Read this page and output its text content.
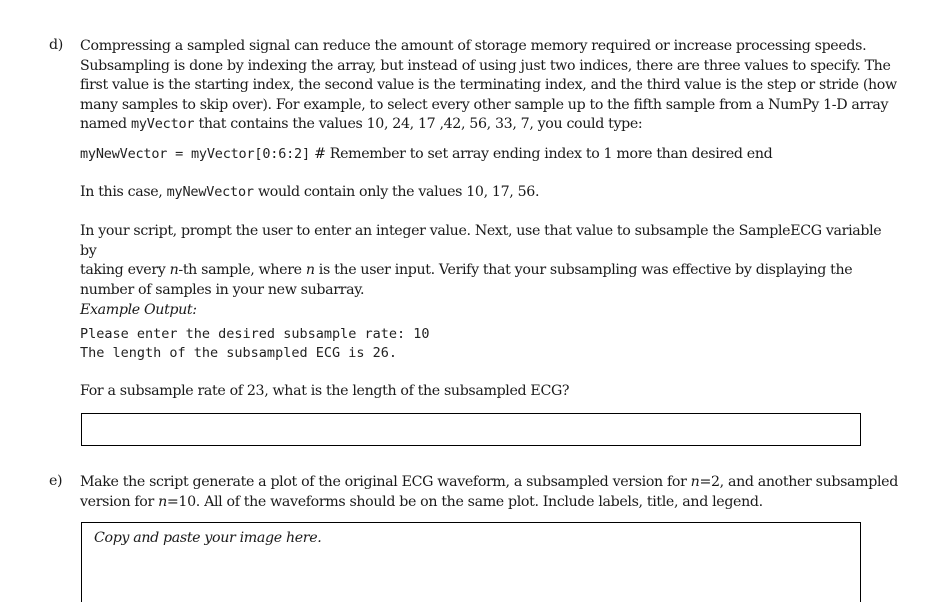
d) Compressing a sampled signal can reduce the amount of storage memory required or increase processing speeds.
Subsampling is done by indexing the array, but instead of using just two indices, there are three values to specify. The
first value is the starting index, the second value is the terminating index, and the third value is the step or stride (how
many samples to skip over). For example, to select every other sample up to the fifth sample from a NumPy 1-D array
named myVector that contains the values 10, 24, 17 ,42, 56, 33, 7, you could type:
myNewVector = myVector[0:6:2] # Remember to set array ending index to 1 more than desired end
In this case, myNewVector would contain only the values 10, 17, 56.
In your script, prompt the user to enter an integer value. Next, use that value to subsample the SampleECG variable by
taking every n-th sample, where n is the user input. Verify that your subsampling was effective by displaying the
number of samples in your new subarray.
Example Output:
Please enter the desired subsample rate: 10
The length of the subsampled ECG is 26.
For a subsample rate of 23, what is the length of the subsampled ECG?
e) Make the script generate a plot of the original ECG waveform, a subsampled version for n=2, and another subsampled
version for n=10. All of the waveforms should be on the same plot. Include labels, title, and legend.
Copy and paste your image here.
